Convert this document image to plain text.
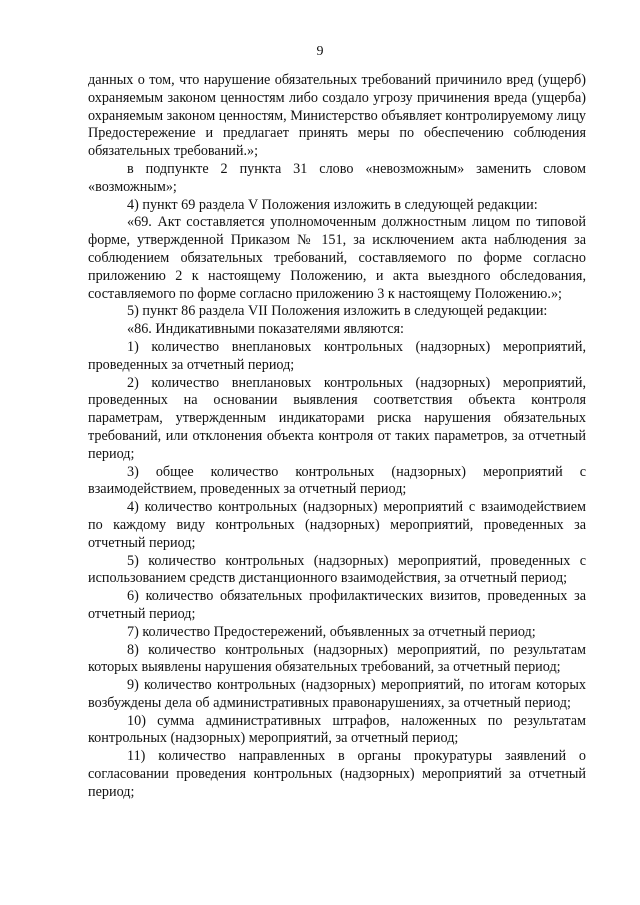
9

данных о том, что нарушение обязательных требований причинило вред (ущерб) охраняемым законом ценностям либо создало угрозу причинения вреда (ущерба) охраняемым законом ценностям, Министерство объявляет контролируемому лицу Предостережение и предлагает принять меры по обеспечению соблюдения обязательных требований.»;

в подпункте 2 пункта 31 слово «невозможным» заменить словом «возможным»;

4) пункт 69 раздела V Положения изложить в следующей редакции:

«69. Акт составляется уполномоченным должностным лицом по типовой форме, утвержденной Приказом № 151, за исключением акта наблюдения за соблюдением обязательных требований, составляемого по форме согласно приложению 2 к настоящему Положению, и акта выездного обследования, составляемого по форме согласно приложению 3 к настоящему Положению.»;

5) пункт 86 раздела VII Положения изложить в следующей редакции:

«86. Индикативными показателями являются:

1) количество внеплановых контрольных (надзорных) мероприятий, проведенных за отчетный период;

2) количество внеплановых контрольных (надзорных) мероприятий, проведенных на основании выявления соответствия объекта контроля параметрам, утвержденным индикаторами риска нарушения обязательных требований, или отклонения объекта контроля от таких параметров, за отчетный период;

3) общее количество контрольных (надзорных) мероприятий с взаимодействием, проведенных за отчетный период;

4) количество контрольных (надзорных) мероприятий с взаимодействием по каждому виду контрольных (надзорных) мероприятий, проведенных за отчетный период;

5) количество контрольных (надзорных) мероприятий, проведенных с использованием средств дистанционного взаимодействия, за отчетный период;

6) количество обязательных профилактических визитов, проведенных за отчетный период;

7) количество Предостережений, объявленных за отчетный период;

8) количество контрольных (надзорных) мероприятий, по результатам которых выявлены нарушения обязательных требований, за отчетный период;

9) количество контрольных (надзорных) мероприятий, по итогам которых возбуждены дела об административных правонарушениях, за отчетный период;

10) сумма административных штрафов, наложенных по результатам контрольных (надзорных) мероприятий, за отчетный период;

11) количество направленных в органы прокуратуры заявлений о согласовании проведения контрольных (надзорных) мероприятий за отчетный период;
